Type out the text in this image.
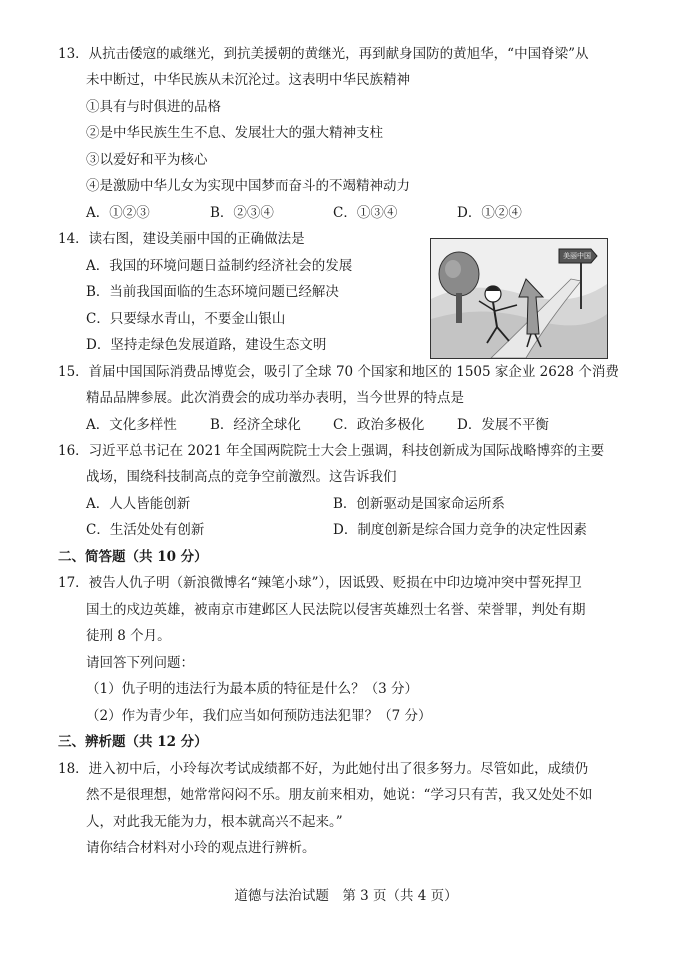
13．从抗击倭寇的戚继光，到抗美援朝的黄继光，再到献身国防的黄旭华，“中国脊梁”从
未中断过，中华民族从未沉沦过。这表明中华民族精神
①具有与时俱进的品格
②是中华民族生生不息、发展壮大的强大精神支柱
③以爱好和平为核心
④是激励中华儿女为实现中国梦而奋斗的不竭精神动力
A．①②③	B．②③④	C．①③④	D．①②④
14．读右图，建设美丽中国的正确做法是
A．我国的环境问题日益制约经济社会的发展
B．当前我国面临的生态环境问题已经解决
C．只要绿水青山，不要金山银山
D．坚持走绿色发展道路，建设生态文明
美丽中国
15．首届中国国际消费品博览会，吸引了全球 70 个国家和地区的 1505 家企业 2628 个消费
精品品牌参展。此次消费会的成功举办表明，当今世界的特点是
A．文化多样性 B．经济全球化 C．政治多极化 D．发展不平衡
16．习近平总书记在 2021 年全国两院院士大会上强调，科技创新成为国际战略博弈的主要
战场，围绕科技制高点的竞争空前激烈。这告诉我们
A．人人皆能创新	B．创新驱动是国家命运所系
C．生活处处有创新	D．制度创新是综合国力竞争的决定性因素
二、简答题（共 10 分）
17．被告人仇子明（新浪微博名“辣笔小球”），因诋毁、贬损在中印边境冲突中誓死捍卫
国土的戍边英雄，被南京市建邺区人民法院以侵害英雄烈士名誉、荣誉罪，判处有期
徒刑 8 个月。
请回答下列问题：
（1）仇子明的违法行为最本质的特征是什么？（3 分）
（2）作为青少年，我们应当如何预防违法犯罪？（7 分）
三、辨析题（共 12 分）
18．进入初中后，小玲每次考试成绩都不好，为此她付出了很多努力。尽管如此，成绩仍
然不是很理想，她常常闷闷不乐。朋友前来相劝，她说：“学习只有苦，我又处处不如
人，对此我无能为力，根本就高兴不起来。”
请你结合材料对小玲的观点进行辨析。
道德与法治试题　第 3 页（共 4 页）
